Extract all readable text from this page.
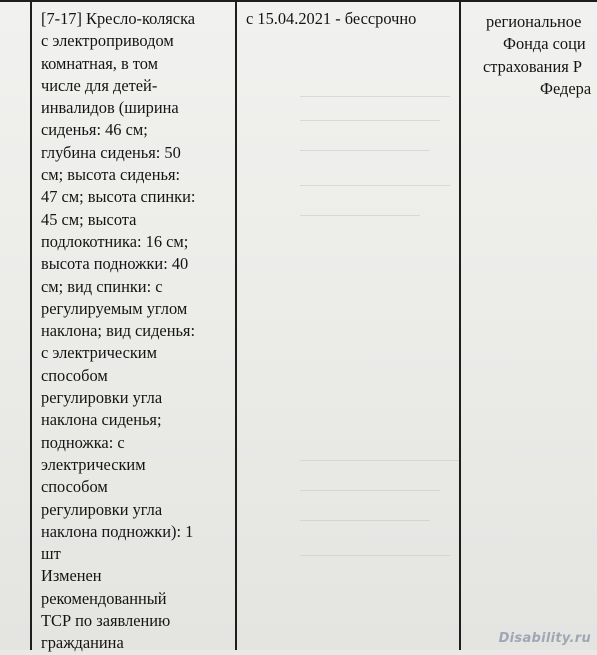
[7-17] Кресло-коляска
с электроприводом
комнатная, в том
числе для детей-
инвалидов (ширина
сиденья: 46 см;
глубина сиденья: 50
см; высота сиденья:
47 см; высота спинки:
45 см; высота
подлокотника: 16 см;
высота подножки: 40
см; вид спинки: с
регулируемым углом
наклона; вид сиденья:
с электрическим
способом
регулировки угла
наклона сиденья;
подножка: с
электрическим
способом
регулировки угла
наклона подножки): 1
шт
Изменен
рекомендованный
ТСР по заявлению
гражданина
с 15.04.2021 - бессрочно	региональное
Фонда соци
страхования Р
Федера
Disability.ru
